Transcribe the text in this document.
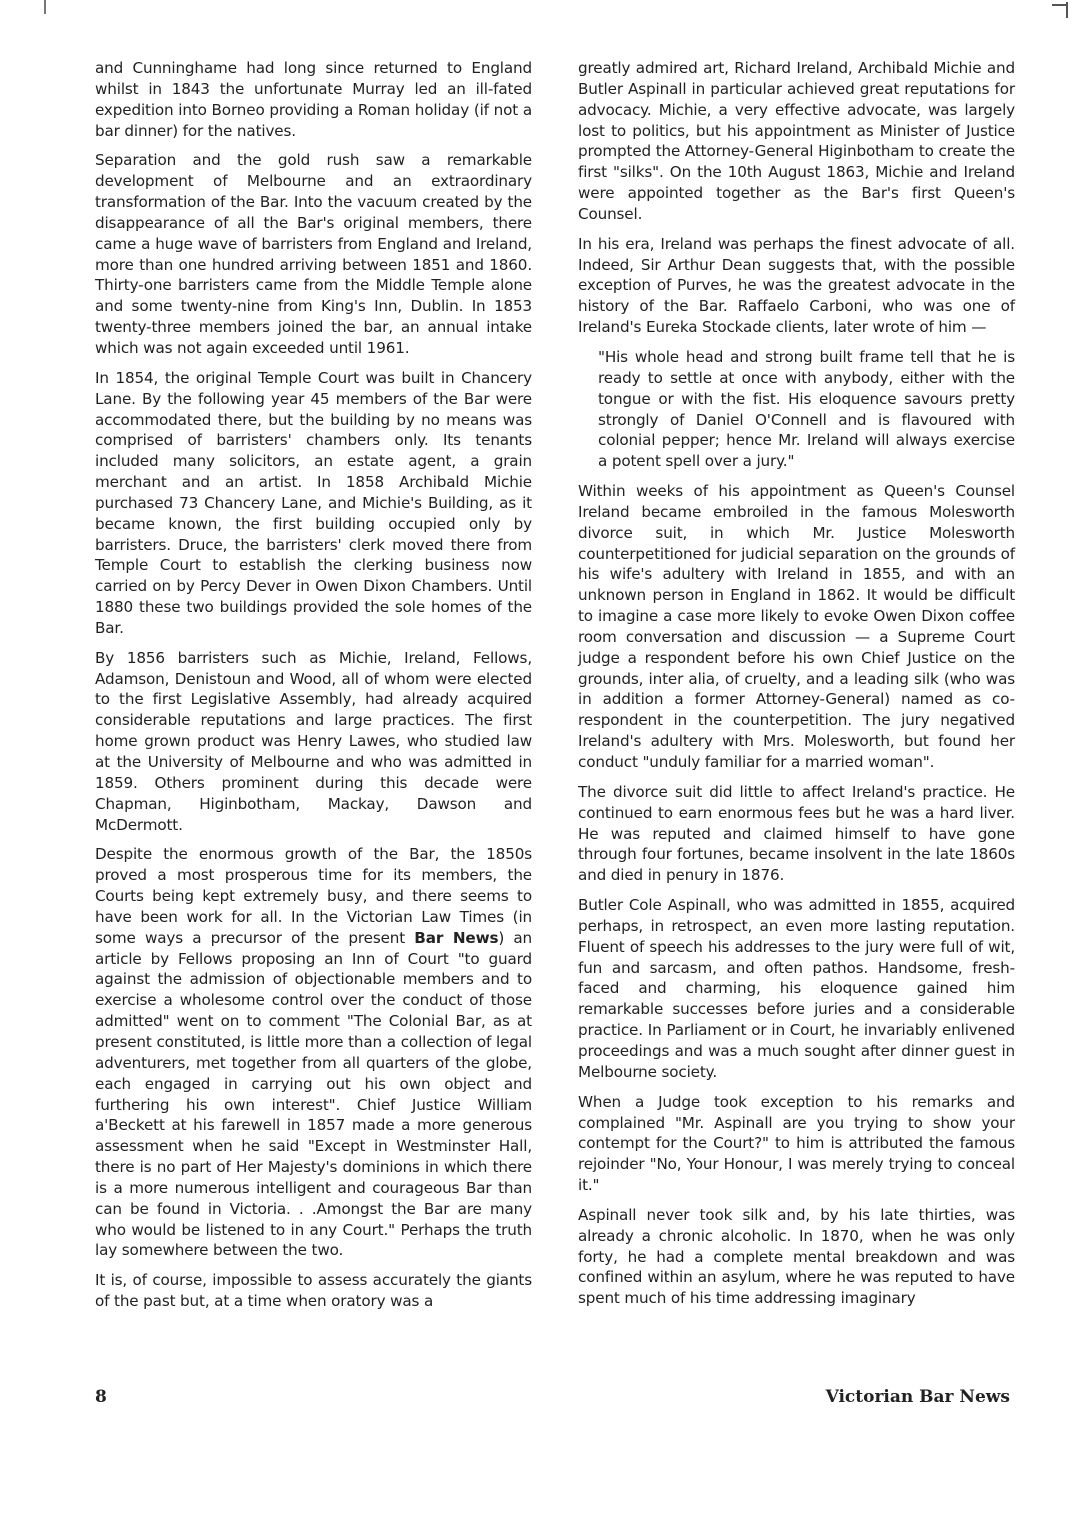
and Cunninghame had long since returned to England whilst in 1843 the unfortunate Murray led an ill-fated expedition into Borneo providing a Roman holiday (if not a bar dinner) for the natives.

Separation and the gold rush saw a remarkable development of Melbourne and an extraordinary transformation of the Bar. Into the vacuum created by the disappearance of all the Bar's original members, there came a huge wave of barristers from England and Ireland, more than one hundred arriving between 1851 and 1860. Thirty-one barristers came from the Middle Temple alone and some twenty-nine from King's Inn, Dublin. In 1853 twenty-three members joined the bar, an annual intake which was not again exceeded until 1961.

In 1854, the original Temple Court was built in Chancery Lane. By the following year 45 members of the Bar were accommodated there, but the building by no means was comprised of barristers' chambers only. Its tenants included many solicitors, an estate agent, a grain merchant and an artist. In 1858 Archibald Michie purchased 73 Chancery Lane, and Michie's Building, as it became known, the first building occupied only by barristers. Druce, the barristers' clerk moved there from Temple Court to establish the clerking business now carried on by Percy Dever in Owen Dixon Chambers. Until 1880 these two buildings provided the sole homes of the Bar.

By 1856 barristers such as Michie, Ireland, Fellows, Adamson, Denistoun and Wood, all of whom were elected to the first Legislative Assembly, had already acquired considerable reputations and large practices. The first home grown product was Henry Lawes, who studied law at the University of Melbourne and who was admitted in 1859. Others prominent during this decade were Chapman, Higinbotham, Mackay, Dawson and McDermott.

Despite the enormous growth of the Bar, the 1850s proved a most prosperous time for its members, the Courts being kept extremely busy, and there seems to have been work for all. In the Victorian Law Times (in some ways a precursor of the present Bar News) an article by Fellows proposing an Inn of Court "to guard against the admission of objectionable members and to exercise a wholesome control over the conduct of those admitted" went on to comment "The Colonial Bar, as at present constituted, is little more than a collection of legal adventurers, met together from all quarters of the globe, each engaged in carrying out his own object and furthering his own interest". Chief Justice William a'Beckett at his farewell in 1857 made a more generous assessment when he said "Except in Westminster Hall, there is no part of Her Majesty's dominions in which there is a more numerous intelligent and courageous Bar than can be found in Victoria. . .Amongst the Bar are many who would be listened to in any Court." Perhaps the truth lay somewhere between the two.

It is, of course, impossible to assess accurately the giants of the past but, at a time when oratory was a

greatly admired art, Richard Ireland, Archibald Michie and Butler Aspinall in particular achieved great reputations for advocacy. Michie, a very effective advocate, was largely lost to politics, but his appointment as Minister of Justice prompted the Attorney-General Higinbotham to create the first "silks". On the 10th August 1863, Michie and Ireland were appointed together as the Bar's first Queen's Counsel.

In his era, Ireland was perhaps the finest advocate of all. Indeed, Sir Arthur Dean suggests that, with the possible exception of Purves, he was the greatest advocate in the history of the Bar. Raffaelo Carboni, who was one of Ireland's Eureka Stockade clients, later wrote of him —

"His whole head and strong built frame tell that he is ready to settle at once with anybody, either with the tongue or with the fist. His eloquence savours pretty strongly of Daniel O'Connell and is flavoured with colonial pepper; hence Mr. Ireland will always exercise a potent spell over a jury."

Within weeks of his appointment as Queen's Counsel Ireland became embroiled in the famous Molesworth divorce suit, in which Mr. Justice Molesworth counterpetitioned for judicial separation on the grounds of his wife's adultery with Ireland in 1855, and with an unknown person in England in 1862. It would be difficult to imagine a case more likely to evoke Owen Dixon coffee room conversation and discussion — a Supreme Court judge a respondent before his own Chief Justice on the grounds, inter alia, of cruelty, and a leading silk (who was in addition a former Attorney-General) named as co-respondent in the counterpetition. The jury negatived Ireland's adultery with Mrs. Molesworth, but found her conduct "unduly familiar for a married woman".

The divorce suit did little to affect Ireland's practice. He continued to earn enormous fees but he was a hard liver. He was reputed and claimed himself to have gone through four fortunes, became insolvent in the late 1860s and died in penury in 1876.

Butler Cole Aspinall, who was admitted in 1855, acquired perhaps, in retrospect, an even more lasting reputation. Fluent of speech his addresses to the jury were full of wit, fun and sarcasm, and often pathos. Handsome, fresh-faced and charming, his eloquence gained him remarkable successes before juries and a considerable practice. In Parliament or in Court, he invariably enlivened proceedings and was a much sought after dinner guest in Melbourne society.

When a Judge took exception to his remarks and complained "Mr. Aspinall are you trying to show your contempt for the Court?" to him is attributed the famous rejoinder "No, Your Honour, I was merely trying to conceal it."

Aspinall never took silk and, by his late thirties, was already a chronic alcoholic. In 1870, when he was only forty, he had a complete mental breakdown and was confined within an asylum, where he was reputed to have spent much of his time addressing imaginary

8	Victorian Bar News
